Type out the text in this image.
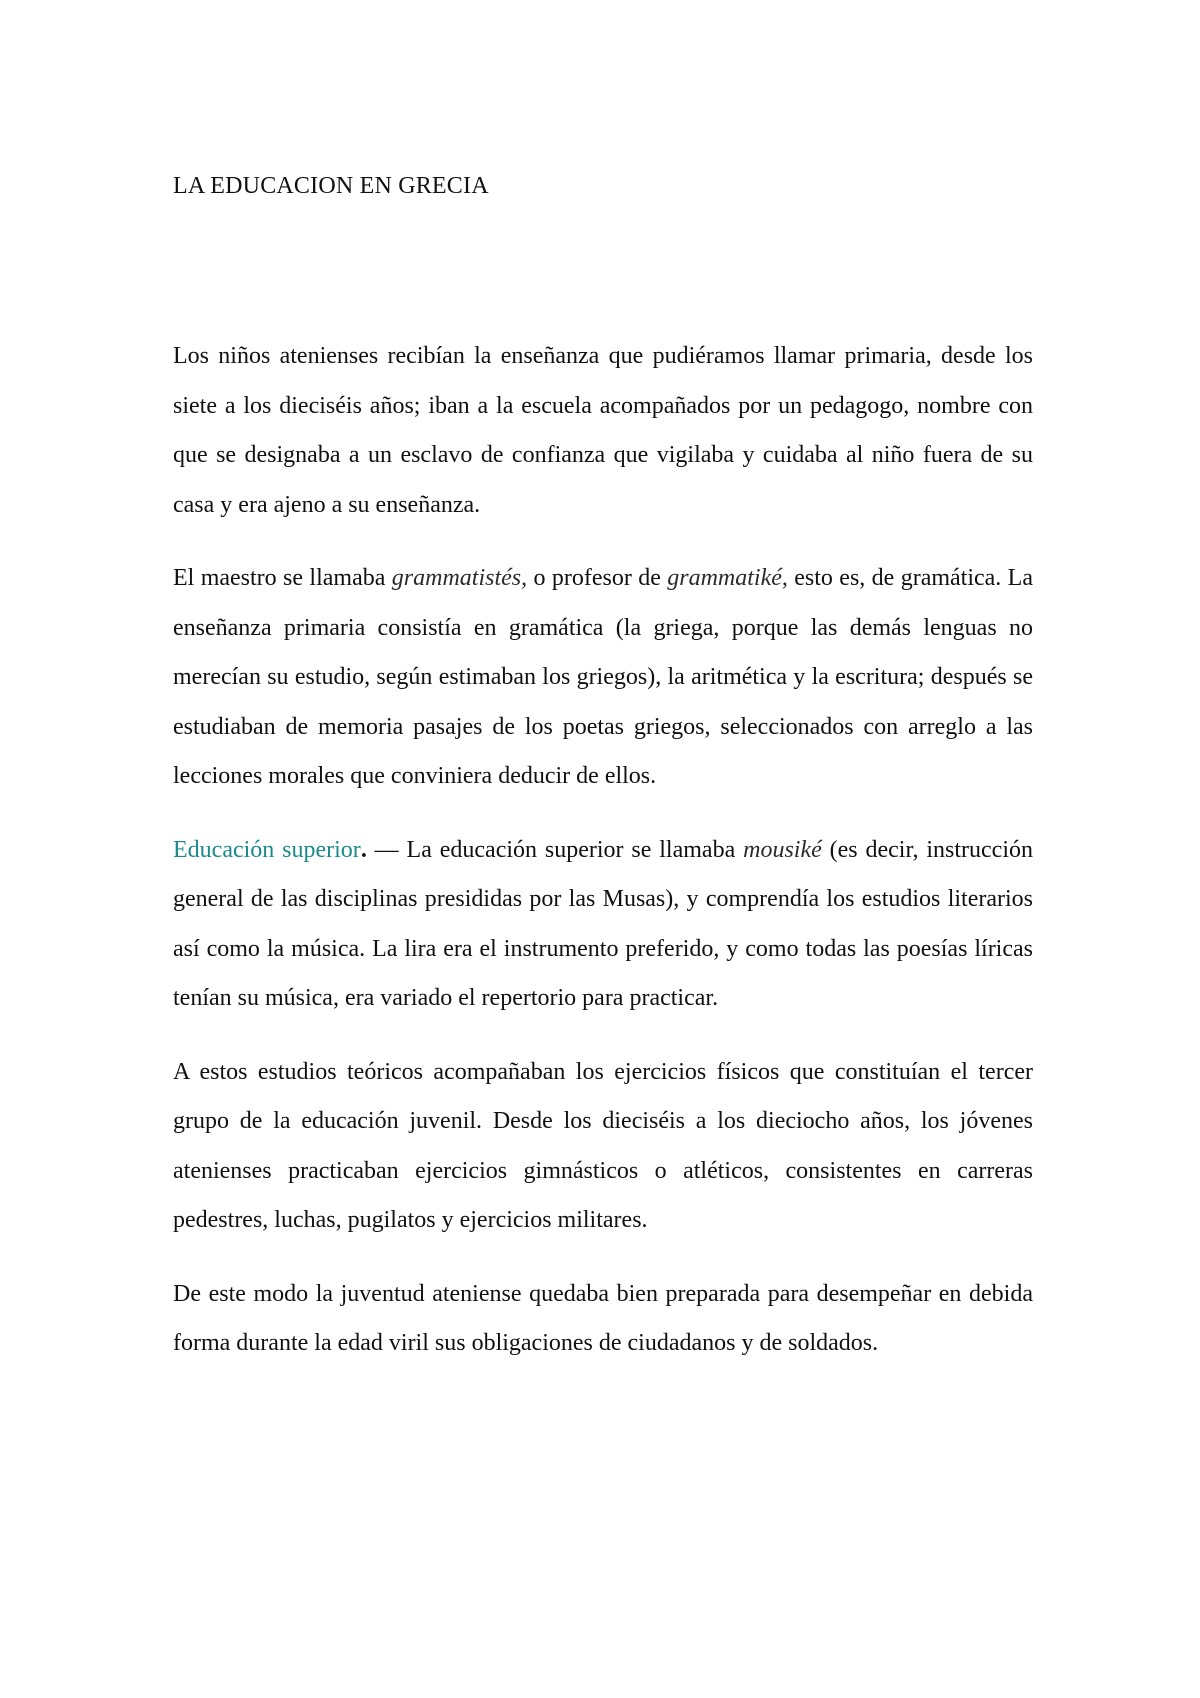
LA EDUCACION EN GRECIA

Los niños atenienses recibían la enseñanza que pudiéramos llamar primaria, desde los siete a los dieciséis años; iban a la escuela acompañados por un pedagogo, nombre con que se designaba a un esclavo de confianza que vigilaba y cuidaba al niño fuera de su casa y era ajeno a su enseñanza.

El maestro se llamaba grammatistés, o profesor de grammatiké, esto es, de gramática. La enseñanza primaria consistía en gramática (la griega, porque las demás lenguas no merecían su estudio, según estimaban los griegos), la aritmética y la escritura; después se estudiaban de memoria pasajes de los poetas griegos, seleccionados con arreglo a las lecciones morales que conviniera deducir de ellos.

Educación superior. — La educación superior se llamaba mousiké (es decir, instrucción general de las disciplinas presididas por las Musas), y comprendía los estudios literarios así como la música. La lira era el instrumento preferido, y como todas las poesías líricas tenían su música, era variado el repertorio para practicar.

A estos estudios teóricos acompañaban los ejercicios físicos que constituían el tercer grupo de la educación juvenil. Desde los dieciséis a los dieciocho años, los jóvenes atenienses practicaban ejercicios gimnásticos o atléticos, consistentes en carreras pedestres, luchas, pugilatos y ejercicios militares.

De este modo la juventud ateniense quedaba bien preparada para desempeñar en debida forma durante la edad viril sus obligaciones de ciudadanos y de soldados.
